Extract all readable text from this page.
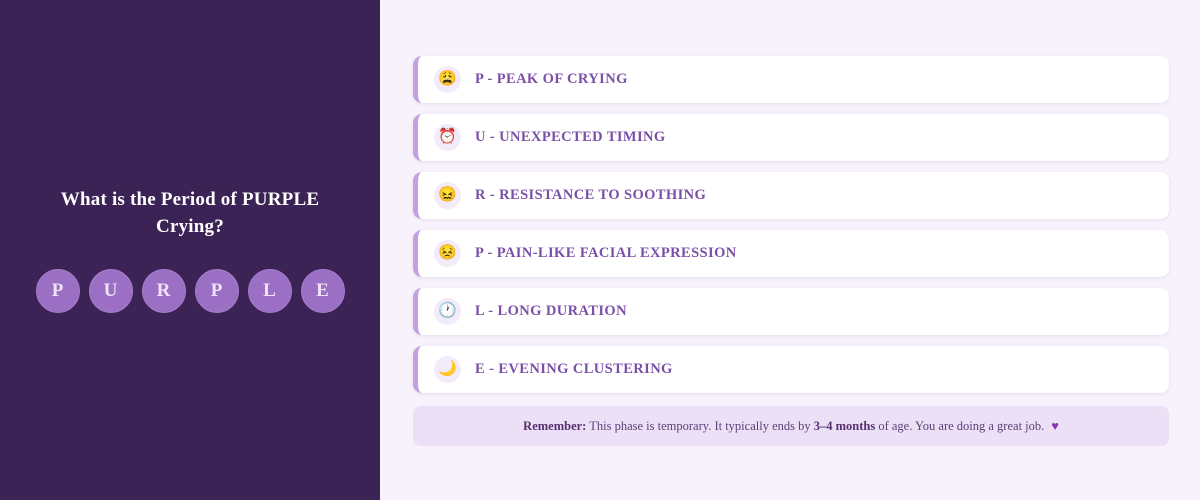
What is the Period of PURPLE Crying?
P	U	R	P	L	E
😩 P - PEAK OF CRYING
⏰ U - UNEXPECTED TIMING
😖 R - RESISTANCE TO SOOTHING
😣 P - PAIN-LIKE FACIAL EXPRESSION
🕐 L - LONG DURATION
🌙 E - EVENING CLUSTERING
Remember: This phase is temporary. It typically ends by 3–4 months of age. You are doing a great job. ♥
